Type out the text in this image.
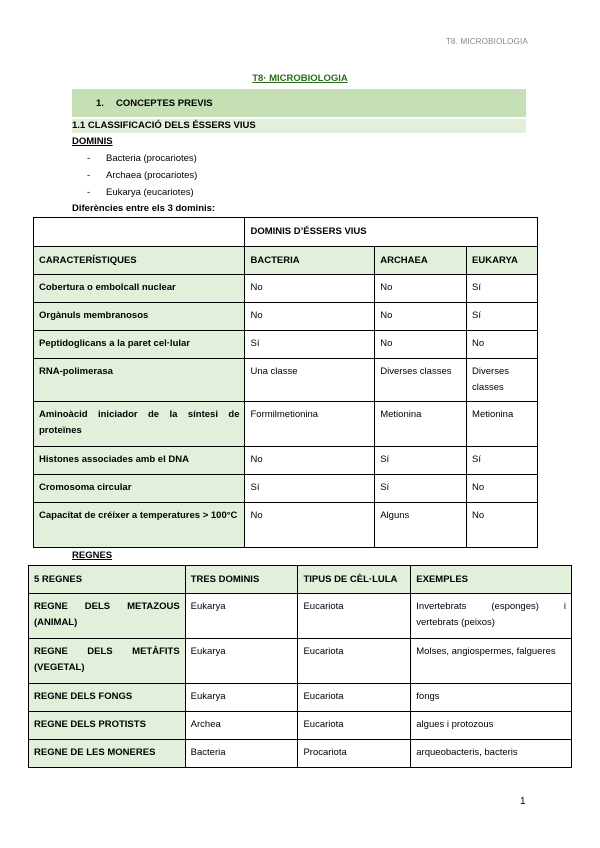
T8. MICROBIOLOGIA
T8· MICROBIOLOGIA
1.	CONCEPTES PREVIS
1.1 CLASSIFICACIÓ DELS ÉSSERS VIUS
DOMINIS
- Bacteria (procariotes)
- Archaea (procariotes)
- Eukarya (eucariotes)
Diferències entre els 3 dominis:
	DOMINIS D’ÉSSERS VIUS		
CARACTERÍSTIQUES	BACTERIA	ARCHAEA	EUKARYA
Cobertura o embolcall nuclear	No	No	Sí
Orgànuls membranosos	No	No	Sí
Peptidoglicans a la paret cel·lular	Sí	No	No
RNA-polimerasa	Una classe	Diverses classes	Diverses classes
Aminoàcid iniciador de la síntesi de proteïnes	Formilmetionina	Metionina	Metionina
Histones associades amb el DNA	No	Sí	Sí
Cromosoma circular	Sí	Sí	No
Capacitat de créixer a temperatures > 100°C	No	Alguns	No
REGNES
5 REGNES	TRES DOMINIS	TIPUS DE CÈL·LULA	EXEMPLES
REGNE DELS METAZOUS (ANIMAL)	Eukarya	Eucariota	Invertebrats (esponges) i vertebrats (peixos)
REGNE DELS METÀFITS (VEGETAL)	Eukarya	Eucariota	Molses, angiospermes, falgueres
REGNE DELS FONGS	Eukarya	Eucariota	fongs
REGNE DELS PROTISTS	Archea	Eucariota	algues i protozous
REGNE DE LES MONERES	Bacteria	Procariota	arqueobacteris, bacteris
1
